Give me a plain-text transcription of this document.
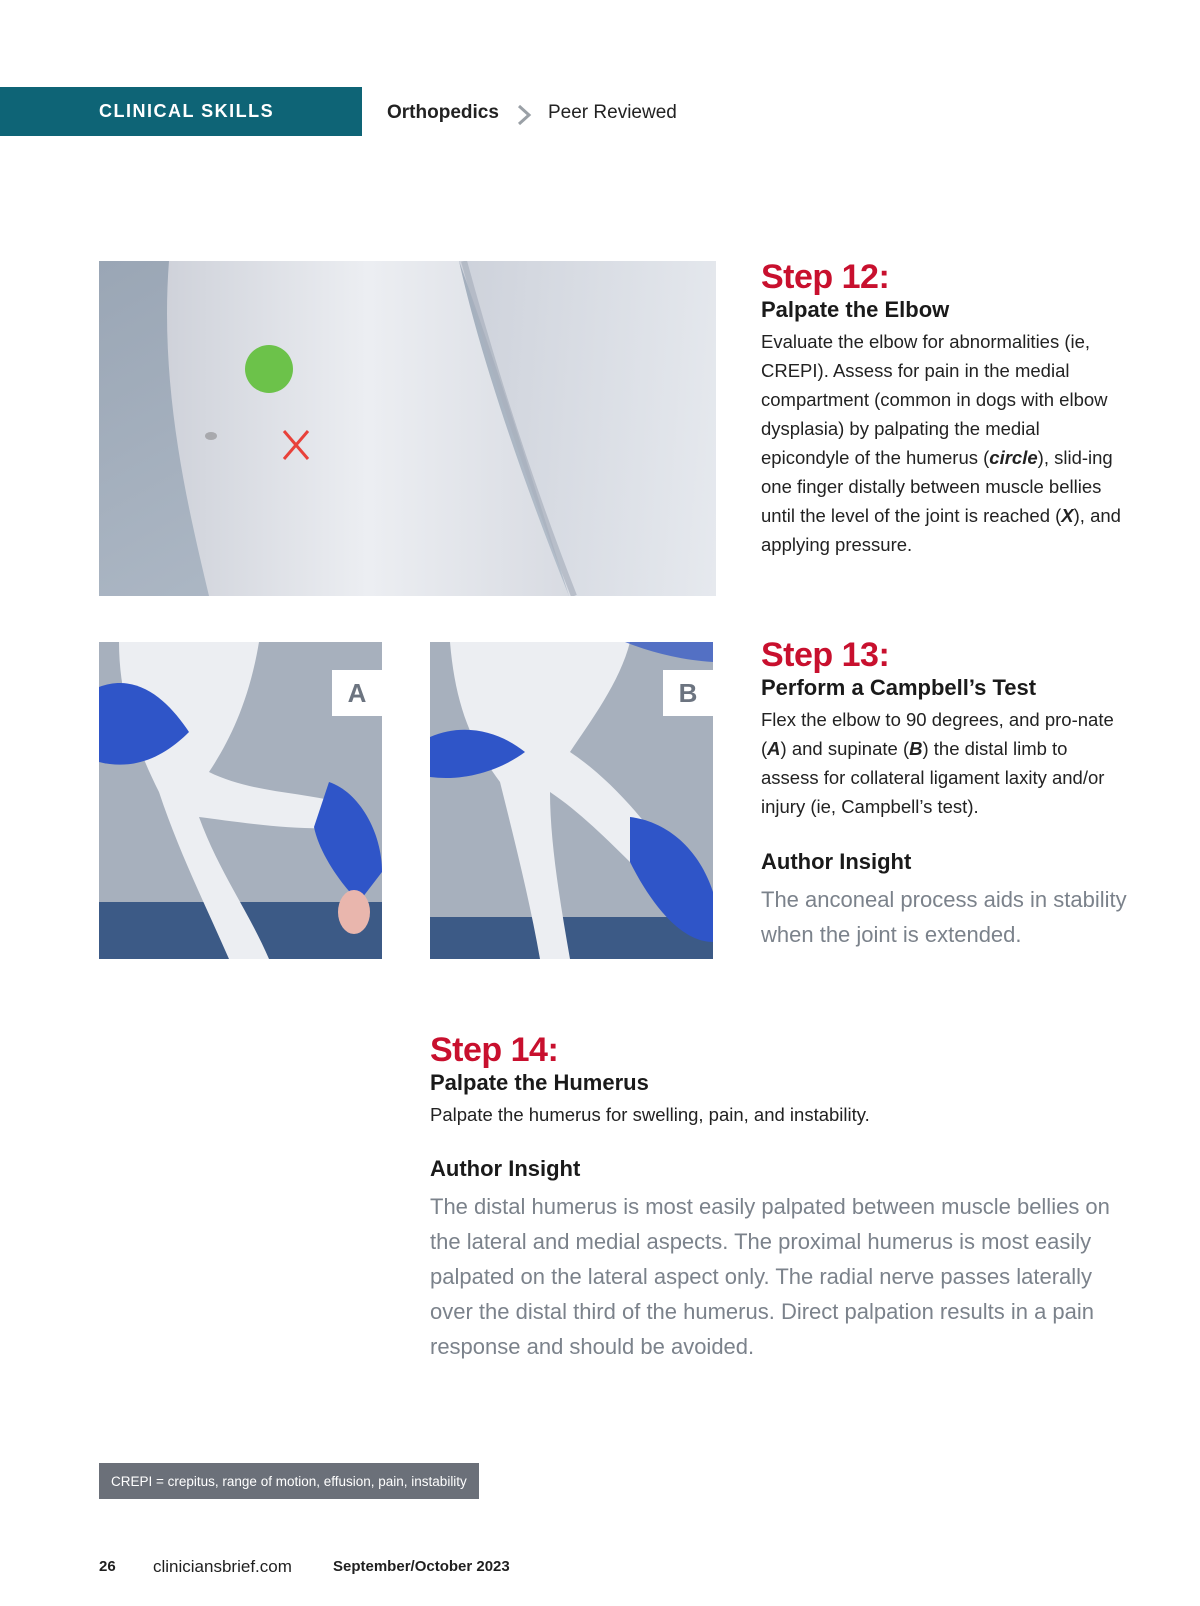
CLINICAL SKILLS	Orthopedics	Peer Reviewed
A	B
Step 12:
Palpate the Elbow
Evaluate the elbow for abnormalities (ie, CREPI). Assess for pain in the medial compartment (common in dogs with elbow dysplasia) by palpating the medial epicondyle of the humerus (circle), slid-ing one finger distally between muscle bellies until the level of the joint is reached (X), and applying pressure.
Step 13:
Perform a Campbell’s Test
Flex the elbow to 90 degrees, and pro-nate (A) and supinate (B) the distal limb to assess for collateral ligament laxity and/or injury (ie, Campbell’s test).
Author Insight
The anconeal process aids in stability when the joint is extended.
Step 14:
Palpate the Humerus
Palpate the humerus for swelling, pain, and instability.
Author Insight
The distal humerus is most easily palpated between muscle bellies on the lateral and medial aspects. The proximal humerus is most easily palpated on the lateral aspect only. The radial nerve passes laterally over the distal third of the humerus. Direct palpation results in a pain response and should be avoided.
CREPI = crepitus, range of motion, effusion, pain, instability
26 cliniciansbrief.com	September/October 2023
